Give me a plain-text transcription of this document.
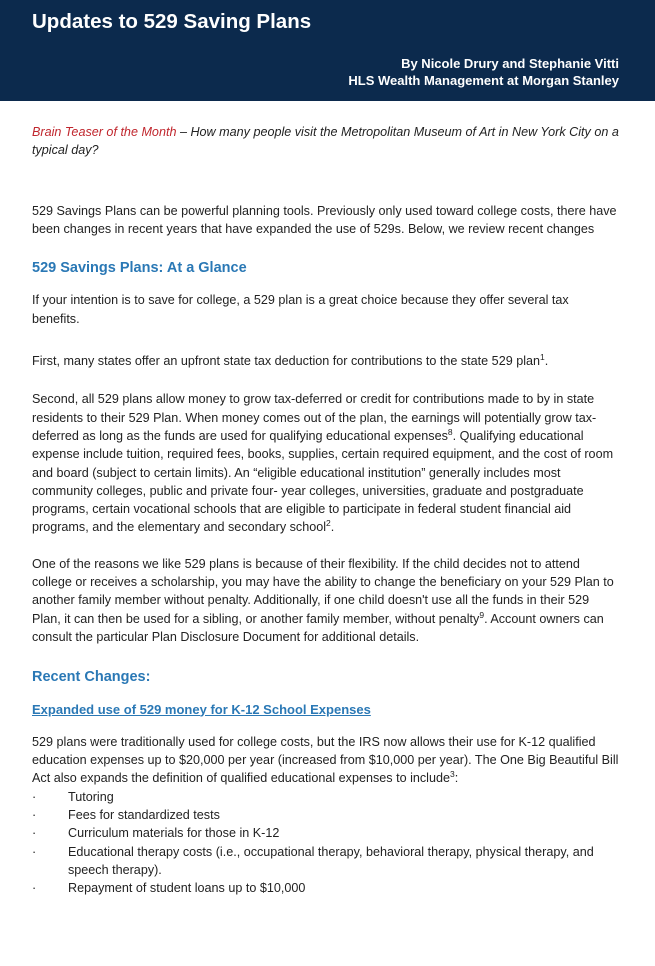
Updates to 529 Saving Plans
By Nicole Drury and Stephanie Vitti
HLS Wealth Management at Morgan Stanley

Brain Teaser of the Month – How many people visit the Metropolitan Museum of Art in New York City on a typical day?

529 Savings Plans can be powerful planning tools. Previously only used toward college costs, there have been changes in recent years that have expanded the use of 529s. Below, we review recent changes

529 Savings Plans: At a Glance

If your intention is to save for college, a 529 plan is a great choice because they offer several tax benefits.

First, many states offer an upfront state tax deduction for contributions to the state 529 plan$^1$.

Second, all 529 plans allow money to grow tax-deferred or credit for contributions made to by in state residents to their 529 Plan. When money comes out of the plan, the earnings will potentially grow tax-deferred as long as the funds are used for qualifying educational expenses$^8$. Qualifying educational expense include tuition, required fees, books, supplies, certain required equipment, and the cost of room and board (subject to certain limits). An “eligible educational institution” generally includes most community colleges, public and private four- year colleges, universities, graduate and postgraduate programs, certain vocational schools that are eligible to participate in federal student financial aid programs, and the elementary and secondary school$^2$.

One of the reasons we like 529 plans is because of their flexibility. If the child decides not to attend college or receives a scholarship, you may have the ability to change the beneficiary on your 529 Plan to another family member without penalty. Additionally, if one child doesn't use all the funds in their 529 Plan, it can then be used for a sibling, or another family member, without penalty$^9$. Account owners can consult the particular Plan Disclosure Document for additional details.

Recent Changes:
Expanded use of 529 money for K-12 School Expenses

529 plans were traditionally used for college costs, but the IRS now allows their use for K-12 qualified education expenses up to $20,000 per year (increased from $10,000 per year). The One Big Beautiful Bill Act also expands the definition of qualified educational expenses to include$^3$:

·	Tutoring
·	Fees for standardized tests
·	Curriculum materials for those in K-12
·	Educational therapy costs (i.e., occupational therapy, behavioral therapy, physical therapy, and speech therapy).
·	Repayment of student loans up to $10,000
